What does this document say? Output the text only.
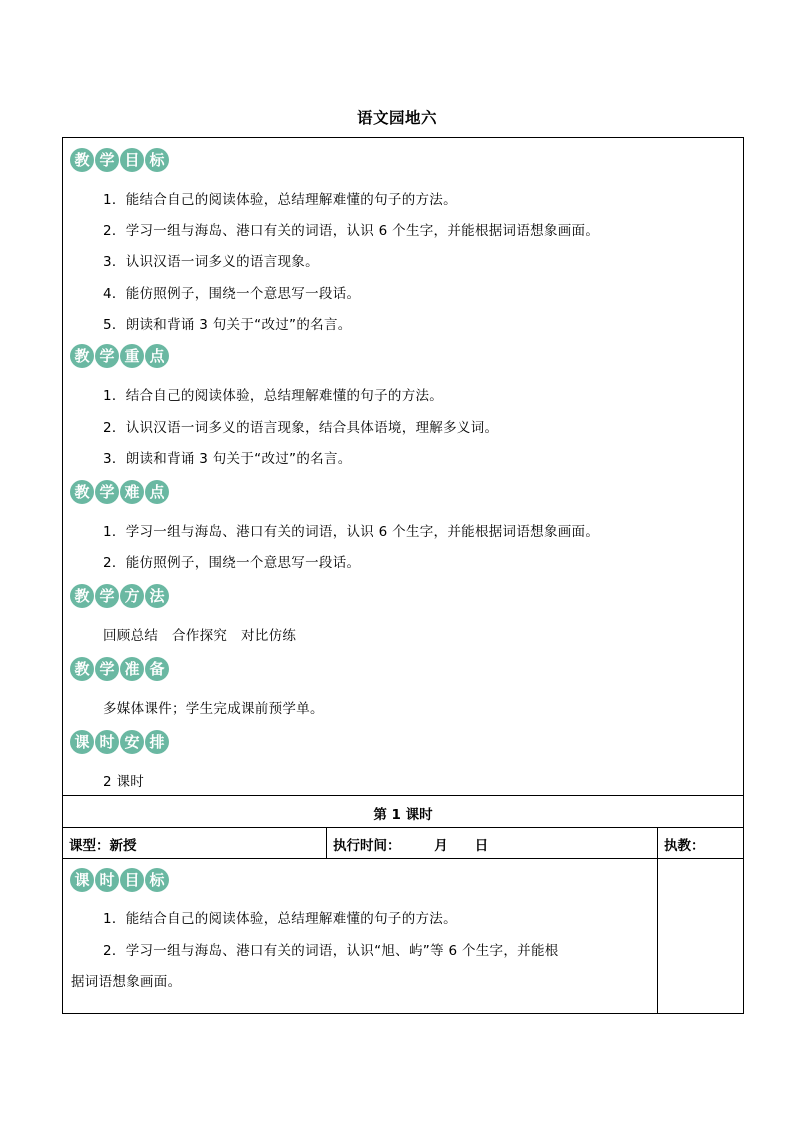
语文园地六
教 学 目 标
1．能结合自己的阅读体验，总结理解难懂的句子的方法。
2．学习一组与海岛、港口有关的词语，认识 6 个生字，并能根据词语想象画面。
3．认识汉语一词多义的语言现象。
4．能仿照例子，围绕一个意思写一段话。
5．朗读和背诵 3 句关于“改过”的名言。
教 学 重 点
1．结合自己的阅读体验，总结理解难懂的句子的方法。
2．认识汉语一词多义的语言现象，结合具体语境，理解多义词。
3．朗读和背诵 3 句关于“改过”的名言。
教 学 难 点
1．学习一组与海岛、港口有关的词语，认识 6 个生字，并能根据词语想象画面。
2．能仿照例子，围绕一个意思写一段话。
教 学 方 法
回顾总结　合作探究　对比仿练
教 学 准 备
多媒体课件；学生完成课前预学单。
课 时 安 排
2 课时
第 1 课时
课型：新授	执行时间：　　　月　　日	执教：
课 时 目 标
1．能结合自己的阅读体验，总结理解难懂的句子的方法。
2．学习一组与海岛、港口有关的词语，认识“旭、屿”等 6 个生字，并能根
据词语想象画面。
